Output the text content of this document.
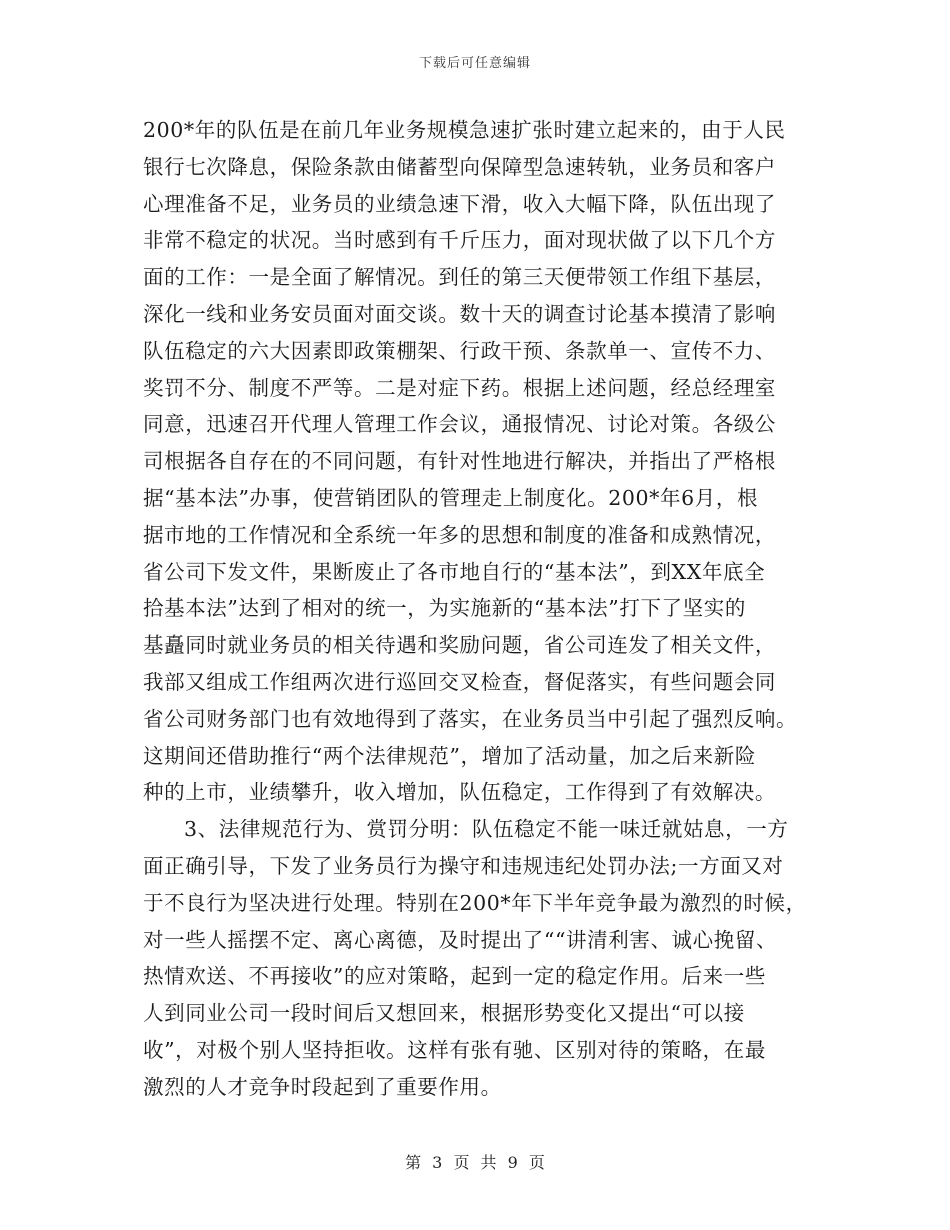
下载后可任意编辑
200*年的队伍是在前几年业务规模急速扩张时建立起来的，由于人民
银行七次降息，保险条款由储蓄型向保障型急速转轨，业务员和客户
心理准备不足，业务员的业绩急速下滑，收入大幅下降，队伍出现了
非常不稳定的状况。当时感到有千斤压力，面对现状做了以下几个方
面的工作：一是全面了解情况。到任的第三天便带领工作组下基层，
深化一线和业务安员面对面交谈。数十天的调查讨论基本摸清了影响
队伍稳定的六大因素即政策棚架、行政干预、条款单一、宣传不力、
奖罚不分、制度不严等。二是对症下药。根据上述问题，经总经理室
同意，迅速召开代理人管理工作会议，通报情况、讨论对策。各级公
司根据各自存在的不同问题，有针对性地进行解决，并指出了严格根
据“基本法”办事，使营销团队的管理走上制度化。200*年6月，根
据市地的工作情况和全系统一年多的思想和制度的准备和成熟情况，
省公司下发文件，果断废止了各市地自行的“基本法”，到XX年底全
拾基本法”达到了相对的统一，为实施新的“基本法”打下了坚实的
基矗同时就业务员的相关待遇和奖励问题，省公司连发了相关文件，
我部又组成工作组两次进行巡回交叉检查，督促落实，有些问题会同
省公司财务部门也有效地得到了落实，在业务员当中引起了强烈反响。
这期间还借助推行“两个法律规范”，增加了活动量，加之后来新险
种的上市，业绩攀升，收入增加，队伍稳定，工作得到了有效解决。
3、法律规范行为、赏罚分明：队伍稳定不能一味迁就姑息，一方
面正确引导，下发了业务员行为操守和违规违纪处罚办法;一方面又对
于不良行为坚决进行处理。特别在200*年下半年竞争最为激烈的时候，
对一些人摇摆不定、离心离德，及时提出了““讲清利害、诚心挽留、
热情欢送、不再接收”的应对策略，起到一定的稳定作用。后来一些
人到同业公司一段时间后又想回来，根据形势变化又提出“可以接
收”，对极个别人坚持拒收。这样有张有驰、区别对待的策略，在最
激烈的人才竞争时段起到了重要作用。
第 3 页 共 9 页
